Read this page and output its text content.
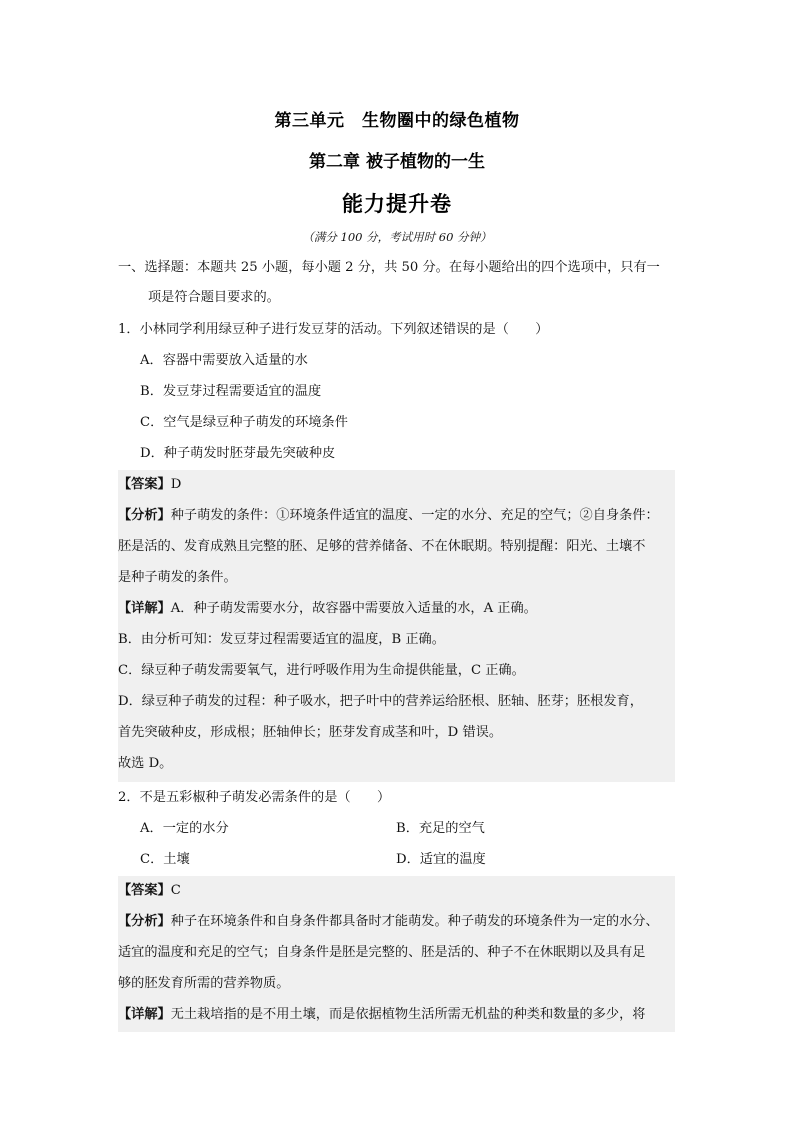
第三单元　生物圈中的绿色植物
第二章 被子植物的一生
能力提升卷
（满分 100 分，考试用时 60 分钟）
一、选择题：本题共 25 小题，每小题 2 分，共 50 分。在每小题给出的四个选项中，只有一
项是符合题目要求的。
1．小林同学利用绿豆种子进行发豆芽的活动。下列叙述错误的是（　　）
A．容器中需要放入适量的水
B．发豆芽过程需要适宜的温度
C．空气是绿豆种子萌发的环境条件
D．种子萌发时胚芽最先突破种皮
【答案】D
【分析】种子萌发的条件：①环境条件适宜的温度、一定的水分、充足的空气；②自身条件：
胚是活的、发育成熟且完整的胚、足够的营养储备、不在休眠期。特别提醒：阳光、土壤不
是种子萌发的条件。
【详解】A．种子萌发需要水分，故容器中需要放入适量的水，A 正确。
B．由分析可知：发豆芽过程需要适宜的温度，B 正确。
C．绿豆种子萌发需要氧气，进行呼吸作用为生命提供能量，C 正确。
D．绿豆种子萌发的过程：种子吸水，把子叶中的营养运给胚根、胚轴、胚芽；胚根发育，
首先突破种皮，形成根；胚轴伸长；胚芽发育成茎和叶，D 错误。
故选 D。
2．不是五彩椒种子萌发必需条件的是（　　）
A．一定的水分	B．充足的空气
C．土壤	D．适宜的温度
【答案】C
【分析】种子在环境条件和自身条件都具备时才能萌发。种子萌发的环境条件为一定的水分、
适宜的温度和充足的空气；自身条件是胚是完整的、胚是活的、种子不在休眠期以及具有足
够的胚发育所需的营养物质。
【详解】无土栽培指的是不用土壤，而是依据植物生活所需无机盐的种类和数量的多少，将
